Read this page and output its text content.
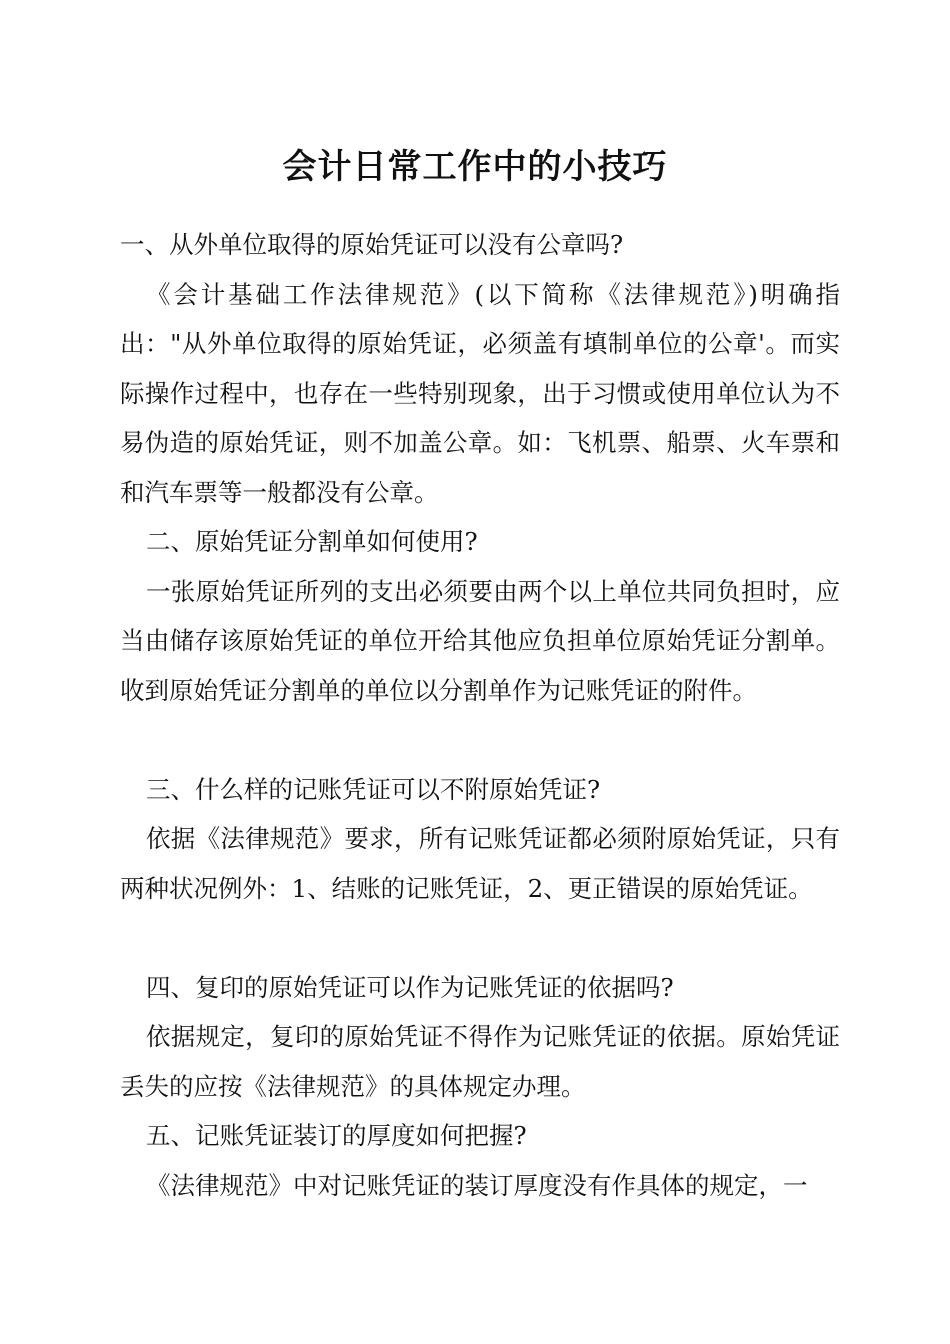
会计日常工作中的小技巧

一、从外单位取得的原始凭证可以没有公章吗?

《会计基础工作法律规范》(以下简称《法律规范》)明确指出："从外单位取得的原始凭证，必须盖有填制单位的公章'。而实际操作过程中，也存在一些特别现象，出于习惯或使用单位认为不易伪造的原始凭证，则不加盖公章。如：飞机票、船票、火车票和和汽车票等一般都没有公章。

二、原始凭证分割单如何使用?

一张原始凭证所列的支出必须要由两个以上单位共同负担时，应当由储存该原始凭证的单位开给其他应负担单位原始凭证分割单。收到原始凭证分割单的单位以分割单作为记账凭证的附件。

三、什么样的记账凭证可以不附原始凭证?

依据《法律规范》要求，所有记账凭证都必须附原始凭证，只有两种状况例外：1、结账的记账凭证，2、更正错误的原始凭证。

四、复印的原始凭证可以作为记账凭证的依据吗?

依据规定，复印的原始凭证不得作为记账凭证的依据。原始凭证丢失的应按《法律规范》的具体规定办理。

五、记账凭证装订的厚度如何把握?

《法律规范》中对记账凭证的装订厚度没有作具体的规定，一
